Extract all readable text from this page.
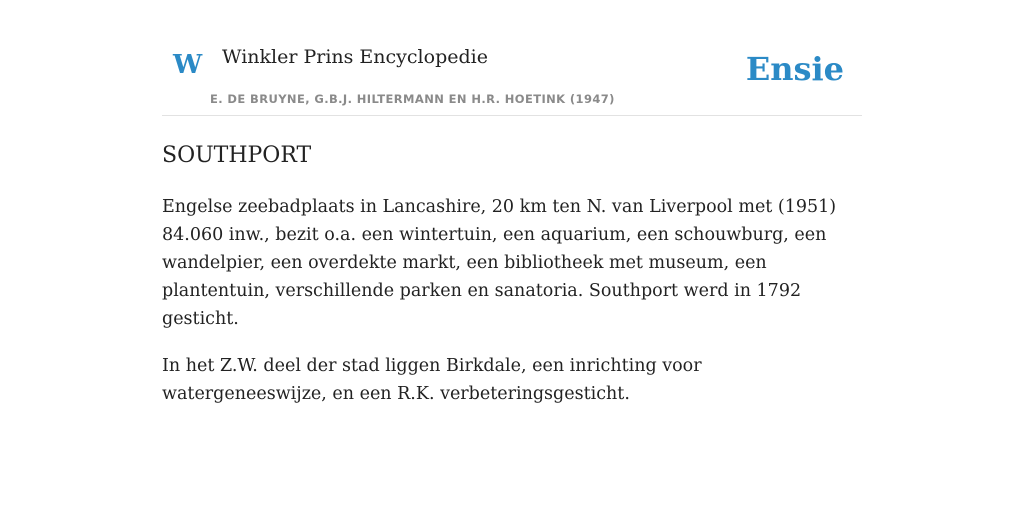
W Winkler Prins Encyclopedie
E. DE BRUYNE, G.B.J. HILTERMANN EN H.R. HOETINK (1947)
Ensie
SOUTHPORT

Engelse zeebadplaats in Lancashire, 20 km ten N. van Liverpool met (1951) 84.060 inw., bezit o.a. een wintertuin, een aquarium, een schouwburg, een wandelpier, een overdekte markt, een bibliotheek met museum, een plantentuin, verschillende parken en sanatoria. Southport werd in 1792 gesticht.

In het Z.W. deel der stad liggen Birkdale, een inrichting voor watergeneeswijze, en een R.K. verbeteringsgesticht.
